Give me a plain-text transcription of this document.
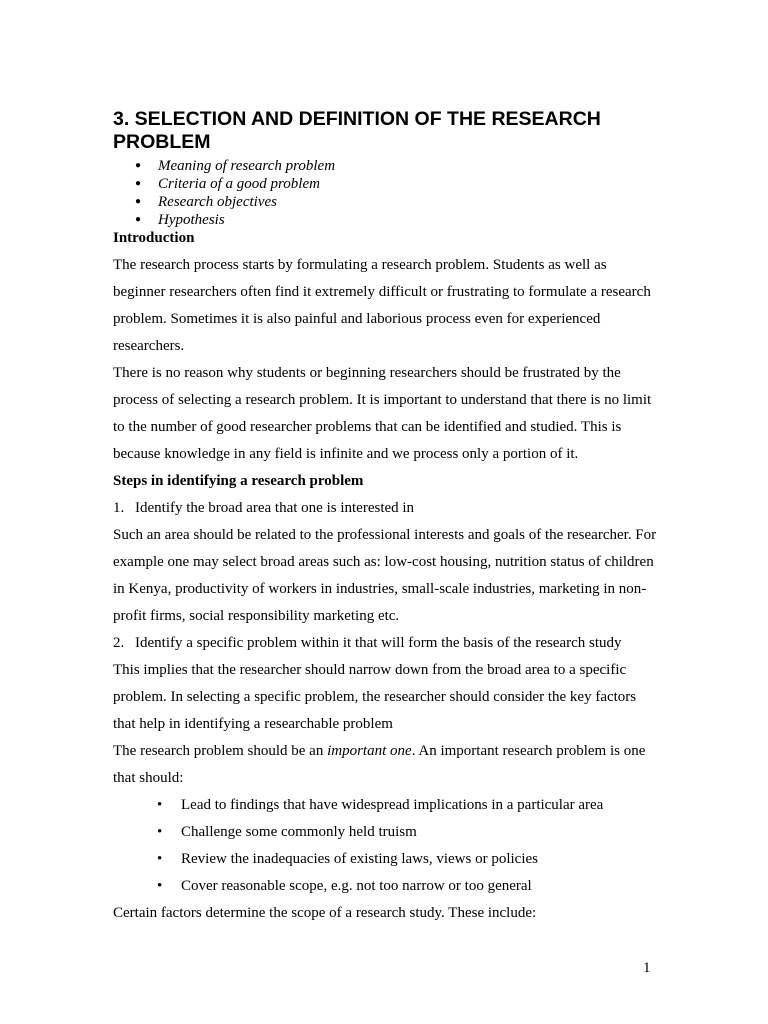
3. SELECTION AND DEFINITION OF THE RESEARCH PROBLEM
● Meaning of research problem
● Criteria of a good problem
● Research objectives
● Hypothesis

Introduction

The research process starts by formulating a research problem. Students as well as beginner researchers often find it extremely difficult or frustrating to formulate a research problem. Sometimes it is also painful and laborious process even for experienced researchers.

There is no reason why students or beginning researchers should be frustrated by the process of selecting a research problem. It is important to understand that there is no limit to the number of good researcher problems that can be identified and studied. This is because knowledge in any field is infinite and we process only a portion of it.

Steps in identifying a research problem

1. Identify the broad area that one is interested in

Such an area should be related to the professional interests and goals of the researcher. For example one may select broad areas such as: low-cost housing, nutrition status of children in Kenya, productivity of workers in industries, small-scale industries, marketing in non-profit firms, social responsibility marketing etc.

2. Identify a specific problem within it that will form the basis of the research study

This implies that the researcher should narrow down from the broad area to a specific problem. In selecting a specific problem, the researcher should consider the key factors that help in identifying a researchable problem

The research problem should be an important one. An important research problem is one that should:

• Lead to findings that have widespread implications in a particular area
• Challenge some commonly held truism
• Review the inadequacies of existing laws, views or policies
• Cover reasonable scope, e.g. not too narrow or too general

Certain factors determine the scope of a research study. These include:

1
